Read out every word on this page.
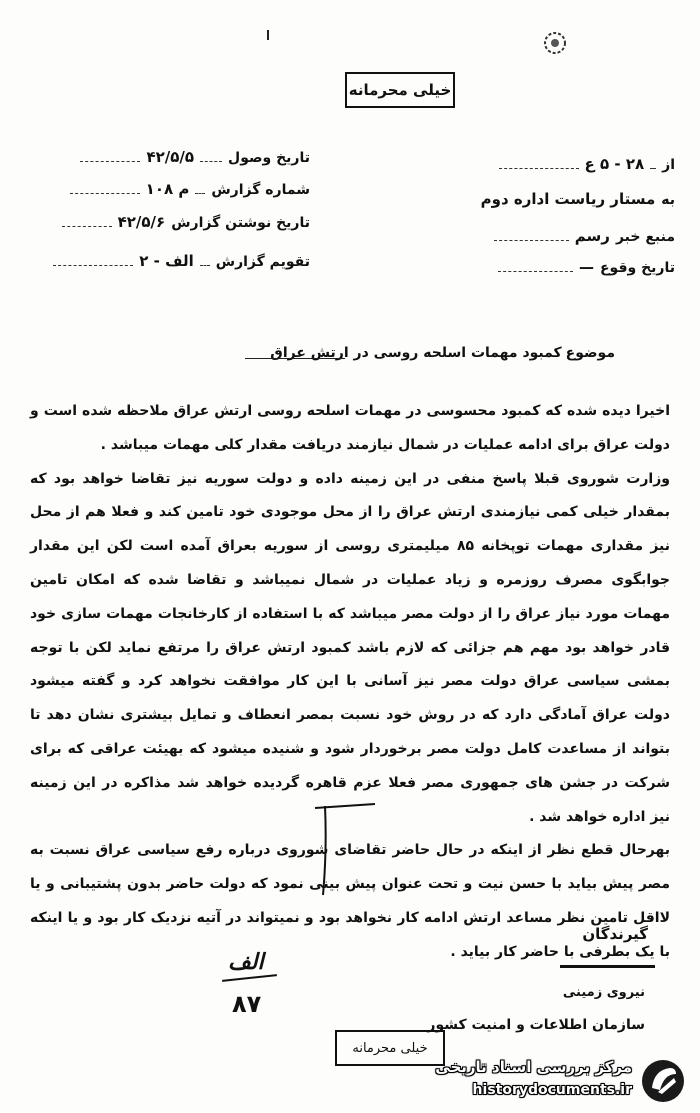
خیلی محرمانه
تاریخ وصول
۴۲/۵/۵
شماره گزارش
م ۱۰۸
تاریخ نوشتن گزارش
۴۲/۵/۶
تقویم گزارش
الف - ۲
از
۲۸ - ۵ ع
به
مستار ریاست اداره دوم
منبع خبر
رسم
تاریخ وقوع
—
موضوع
کمبود مهمات اسلحه روسی در ارتش عراق

اخیرا دیده شده که کمبود محسوسی در مهمات اسلحه روسی ارتش عراق ملاحظه شده است و دولت عراق برای ادامه عملیات در شمال نیازمند دریافت مقدار کلی مهمات میباشد .

وزارت شوروی قبلا پاسخ منفی در این زمینه داده و دولت سوریه نیز تقاضا خواهد بود که بمقدار خیلی کمی نیازمندی ارتش عراق را از محل موجودی خود تامین کند و فعلا هم از محل نیز مقداری مهمات توپخانه ۸۵ میلیمتری روسی از سوریه بعراق آمده است لکن این مقدار جوابگوی مصرف روزمره و زیاد عملیات در شمال نمیباشد و تقاضا شده که امکان تامین مهمات مورد نیاز عراق را از دولت مصر میباشد که با استفاده از کارخانجات مهمات سازی خود قادر خواهد بود مهم هم جزائی که لازم باشد کمبود ارتش عراق را مرتفع نماید لکن با توجه بمشی سیاسی عراق دولت مصر نیز آسانی با این کار موافقت نخواهد کرد و گفته میشود دولت عراق آمادگی دارد که در روش خود نسبت بمصر انعطاف و تمایل بیشتری نشان دهد تا بتواند از مساعدت کامل دولت مصر برخوردار شود و شنیده میشود که بهیئت عراقی که برای شرکت در جشن های جمهوری مصر فعلا عزم قاهره گردیده خواهد شد مذاکره در این زمینه نیز اداره خواهد شد .

بهرحال قطع نظر از اینکه در حال حاضر تقاضای شوروی درباره رفع سیاسی عراق نسبت به مصر پیش بیاید با حسن نیت و تحت عنوان پیش بینی نمود که دولت حاضر بدون پشتیبانی و یا لااقل تامین نظر مساعد ارتش ادامه کار نخواهد بود و نمیتواند در آتیه نزدیک کار بود و یا اینکه با یک بطرفی با حاضر کار بیاید .

گیرندگان
الف
۸۷	نیروی زمینی
سازمان اطلاعات و امنیت کشور
خیلی محرمانه
مرکز بررسی اسناد تاریخی
historydocuments.ir
